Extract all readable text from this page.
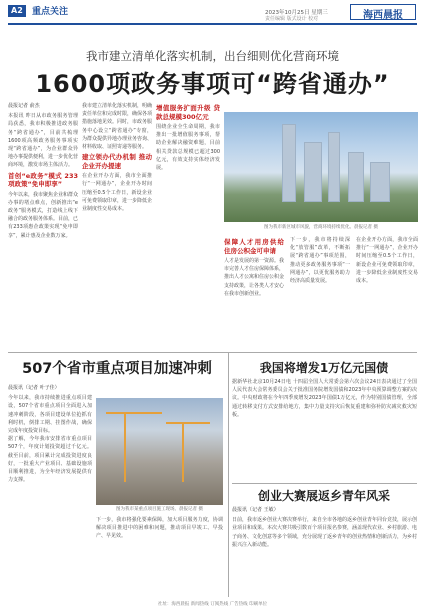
A2	重点关注	2023年10月25日 星期三
责任编辑 版式设计 校对	海西晨报
我市建立清单化落实机制，出台细则优化营商环境
1600项政务事项可“跨省通办”
晨报记者 俞杰
本报讯 昨日从市政务服务管理局获悉，我市积极推进政务服务“跨省通办”，目前共梳理1600项高频政务服务事项实现“跨省通办”，为企业群众异地办事提供便利，进一步优化营商环境，激发市场主体活力。
首创“e政务”模式 233项政策“免申即享”
今年以来，我市聚焦企业和群众办事的堵点难点，创新推出“e政务”服务模式，打造线上线下融合的政务服务体系。目前，已有233项惠企政策实现“免申即享”，累计惠及企业数万家。
我市建立清单化落实机制，明确责任单位和完成时限，确保各项措施落地见效。同时，市政务服务中心设立“跨省通办”专窗，为群众提供异地办理业务咨询、材料收取、证照寄递等服务。
建立领办代办机制 推动企业开办提速
在企业开办方面，我市全面推行“一网通办”，企业开办时间压缩至0.5个工作日，新设企业可免费领取印章，进一步降低企业制度性交易成本。
增值服务扩面升级 贷款总规模300亿元
围绕企业全生命周期，我市推出一批增值服务事项，帮助企业解决融资难题，目前相关贷款总规模已超过300亿元，有效支持实体经济发展。
图为我市新区城市风貌，营商环境持续优化。晨报记者 摄
保障人才用房供给 住房公积金可申请
人才是发展的第一资源。我市完善人才住房保障体系，推出人才公寓和住房公积金支持政策，让各类人才安心在我市创新创业。
下一步，我市将持续深化“放管服”改革，不断拓展“跨省通办”事项范围，推动更多政务服务事项“一网通办”，以更优服务助力经济高质量发展。
在企业开办方面，我市全面推行“一网通办”，企业开办时间压缩至0.5个工作日，新设企业可免费领取印章，进一步降低企业制度性交易成本。
507个省市重点项目加速冲刺
晨报讯（记者 叶子佳）
今年以来，我市持续推进重点项目建设，507个省市重点项目全面进入加速冲刺阶段，各项目建设单位抢抓有利时机，倒排工期、挂图作战，确保完成年度投资目标。
据了解，今年我市安排省市重点项目507个，年度计划投资超过千亿元。截至目前，项目累计完成投资进度良好，一批重大产业项目、基础设施项目顺利推进，为全年经济发展提供有力支撑。
图为我市某重点项目施工现场。晨报记者 摄
下一步，我市将强化要素保障，加大项目服务力度，协调解决项目推进中的困难和问题，推动项目早竣工、早投产、早见效。
我国将增发1万亿元国债
据新华社北京10月24日电 十四届全国人大常委会第六次会议24日表决通过了全国人民代表大会常务委员会关于批准国务院增发国债和2023年中央预算调整方案的决议。中央财政将在今年四季度增发2023年国债1万亿元，作为特别国债管理，全部通过转移支付方式安排给地方，集中力量支持灾后恢复重建和弥补防灾减灾救灾短板。
创业大赛展返乡青年风采
晨报讯（记者 王敏）
日前，我市返乡创业大赛决赛举行，来自全市各地的返乡创业青年同台竞技，展示创业项目和成果。本次大赛共吸引数百个项目报名参赛，涵盖现代农业、乡村旅游、电子商务、文化创意等多个领域，充分展现了返乡青年的创业热情和创新活力，为乡村振兴注入新动能。
社址：海西晨报 新闻热线 订阅热线 广告热线 印刷单位
